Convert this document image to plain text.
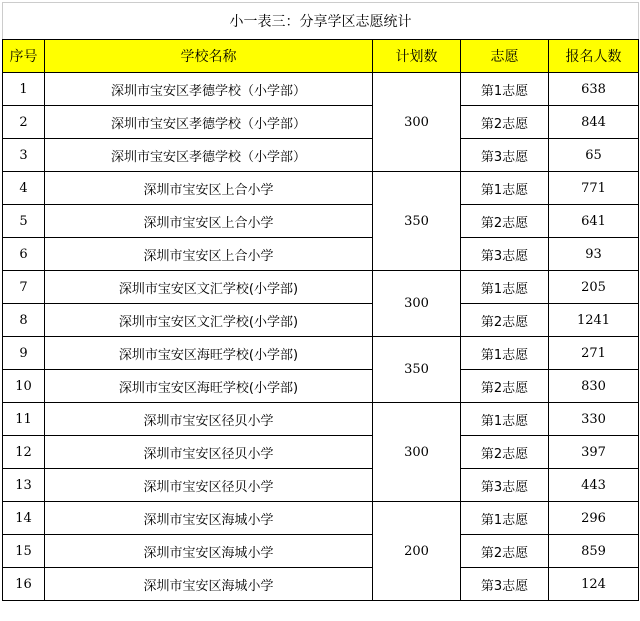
小一表三：分享学区志愿统计				
序号	学校名称	计划数	志愿	报名人数
1	深圳市宝安区孝德学校（小学部）	300	第1志愿	638
2	深圳市宝安区孝德学校（小学部）		第2志愿	844
3	深圳市宝安区孝德学校（小学部）		第3志愿	65
4	深圳市宝安区上合小学	350	第1志愿	771
5	深圳市宝安区上合小学		第2志愿	641
6	深圳市宝安区上合小学		第3志愿	93
7	深圳市宝安区文汇学校(小学部)	300	第1志愿	205
8	深圳市宝安区文汇学校(小学部)		第2志愿	1241
9	深圳市宝安区海旺学校(小学部)	350	第1志愿	271
10	深圳市宝安区海旺学校(小学部)		第2志愿	830
11	深圳市宝安区径贝小学	300	第1志愿	330
12	深圳市宝安区径贝小学		第2志愿	397
13	深圳市宝安区径贝小学		第3志愿	443
14	深圳市宝安区海城小学	200	第1志愿	296
15	深圳市宝安区海城小学		第2志愿	859
16	深圳市宝安区海城小学		第3志愿	124
